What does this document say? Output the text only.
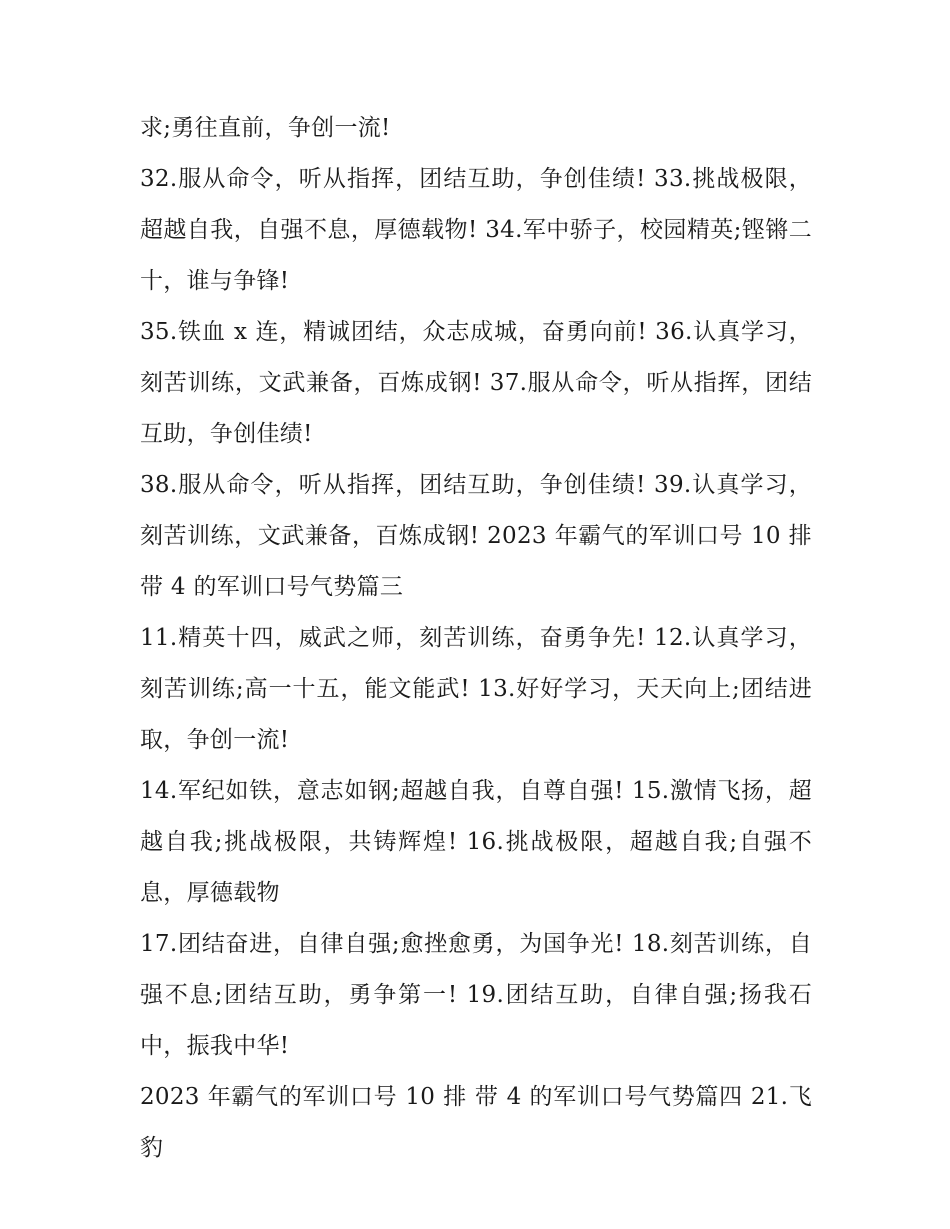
求;勇往直前，争创一流!

32.服从命令，听从指挥，团结互助，争创佳绩! 33.挑战极限，超越自我，自强不息，厚德载物! 34.军中骄子，校园精英;铿锵二十，谁与争锋!

35.铁血 x 连，精诚团结，众志成城，奋勇向前! 36.认真学习，刻苦训练，文武兼备，百炼成钢! 37.服从命令，听从指挥，团结互助，争创佳绩!

38.服从命令，听从指挥，团结互助，争创佳绩! 39.认真学习，刻苦训练，文武兼备，百炼成钢! 2023 年霸气的军训口号 10 排带 4 的军训口号气势篇三

11.精英十四，威武之师，刻苦训练，奋勇争先! 12.认真学习，刻苦训练;高一十五，能文能武! 13.好好学习，天天向上;团结进取，争创一流!

14.军纪如铁，意志如钢;超越自我，自尊自强! 15.激情飞扬，超越自我;挑战极限，共铸辉煌! 16.挑战极限，超越自我;自强不息，厚德载物

17.团结奋进，自律自强;愈挫愈勇，为国争光! 18.刻苦训练，自强不息;团结互助，勇争第一! 19.团结互助，自律自强;扬我石中，振我中华!

2023 年霸气的军训口号 10 排 带 4 的军训口号气势篇四 21.飞豹
